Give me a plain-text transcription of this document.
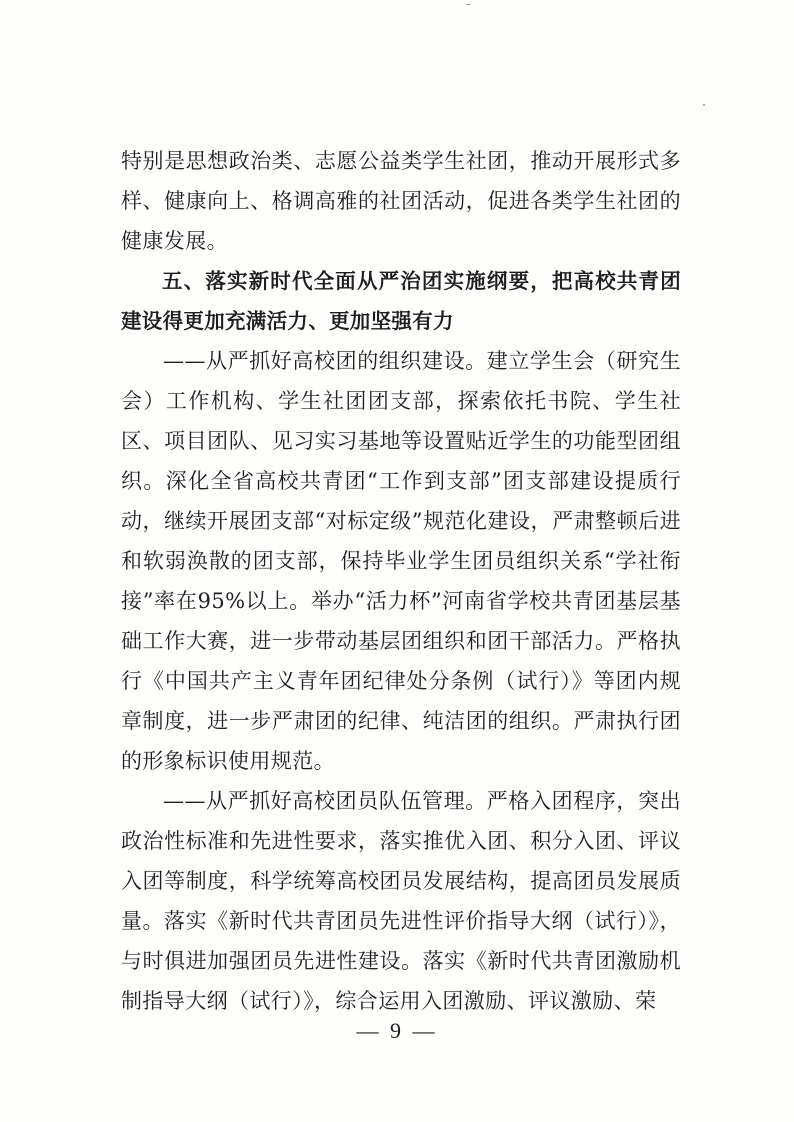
特别是思想政治类、志愿公益类学生社团，推动开展形式多样、健康向上、格调高雅的社团活动，促进各类学生社团的健康发展。

五、落实新时代全面从严治团实施纲要，把高校共青团建设得更加充满活力、更加坚强有力

——从严抓好高校团的组织建设。建立学生会（研究生会）工作机构、学生社团团支部，探索依托书院、学生社区、项目团队、见习实习基地等设置贴近学生的功能型团组织。深化全省高校共青团“工作到支部”团支部建设提质行动，继续开展团支部“对标定级”规范化建设，严肃整顿后进和软弱涣散的团支部，保持毕业学生团员组织关系“学社衔接”率在95%以上。举办“活力杯”河南省学校共青团基层基础工作大赛，进一步带动基层团组织和团干部活力。严格执行《中国共产主义青年团纪律处分条例（试行）》等团内规章制度，进一步严肃团的纪律、纯洁团的组织。严肃执行团的形象标识使用规范。

——从严抓好高校团员队伍管理。严格入团程序，突出政治性标准和先进性要求，落实推优入团、积分入团、评议入团等制度，科学统筹高校团员发展结构，提高团员发展质量。落实《新时代共青团员先进性评价指导大纲（试行）》，与时俱进加强团员先进性建设。落实《新时代共青团激励机制指导大纲（试行）》，综合运用入团激励、评议激励、荣

— 9 —
